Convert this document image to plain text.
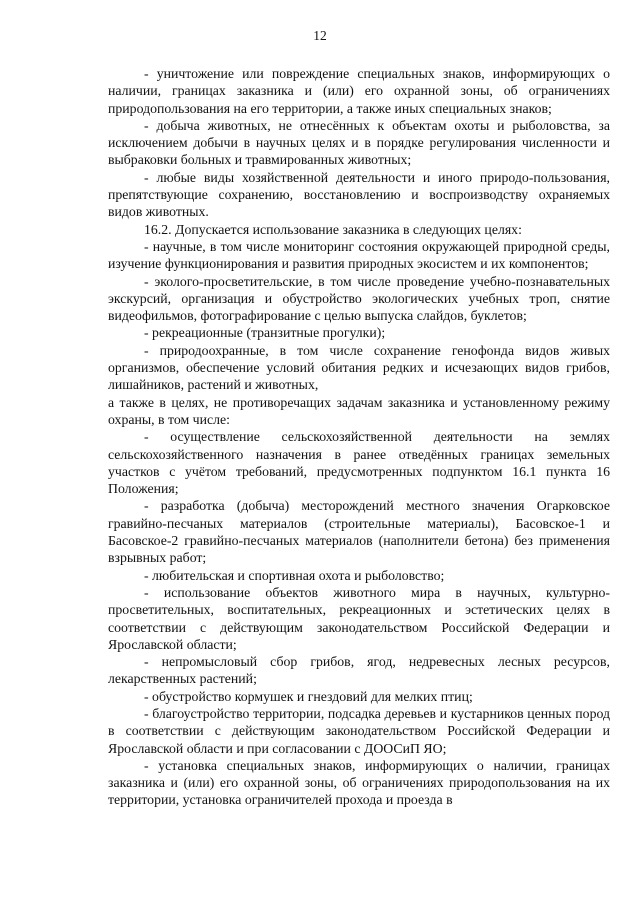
12

- уничтожение или повреждение специальных знаков, информирующих о наличии, границах заказника и (или) его охранной зоны, об ограничениях природопользования на его территории, а также иных специальных знаков;

- добыча животных, не отнесённых к объектам охоты и рыболовства, за исключением добычи в научных целях и в порядке регулирования численности и выбраковки больных и травмированных животных;

- любые виды хозяйственной деятельности и иного природо-пользования, препятствующие сохранению, восстановлению и воспроизводству охраняемых видов животных.

16.2. Допускается использование заказника в следующих целях:

- научные, в том числе мониторинг состояния окружающей природной среды, изучение функционирования и развития природных экосистем и их компонентов;

- эколого-просветительские, в том числе проведение учебно-познавательных экскурсий, организация и обустройство экологических учебных троп, снятие видеофильмов, фотографирование с целью выпуска слайдов, буклетов;

- рекреационные (транзитные прогулки);

- природоохранные, в том числе сохранение генофонда видов живых организмов, обеспечение условий обитания редких и исчезающих видов грибов, лишайников, растений и животных,

а также в целях, не противоречащих задачам заказника и установленному режиму охраны, в том числе:

- осуществление сельскохозяйственной деятельности на землях сельскохозяйственного назначения в ранее отведённых границах земельных участков с учётом требований, предусмотренных подпунктом 16.1 пункта 16 Положения;

- разработка (добыча) месторождений местного значения Огарковское гравийно-песчаных материалов (строительные материалы), Басовское-1 и Басовское-2 гравийно-песчаных материалов (наполнители бетона) без применения взрывных работ;

- любительская и спортивная охота и рыболовство;

- использование объектов животного мира в научных, культурно-просветительных, воспитательных, рекреационных и эстетических целях в соответствии с действующим законодательством Российской Федерации и Ярославской области;

- непромысловый сбор грибов, ягод, недревесных лесных ресурсов, лекарственных растений;

- обустройство кормушек и гнездовий для мелких птиц;

- благоустройство территории, подсадка деревьев и кустарников ценных пород в соответствии с действующим законодательством Российской Федерации и Ярославской области и при согласовании с ДООСиП ЯО;

- установка специальных знаков, информирующих о наличии, границах заказника и (или) его охранной зоны, об ограничениях природопользования на их территории, установка ограничителей прохода и проезда в
